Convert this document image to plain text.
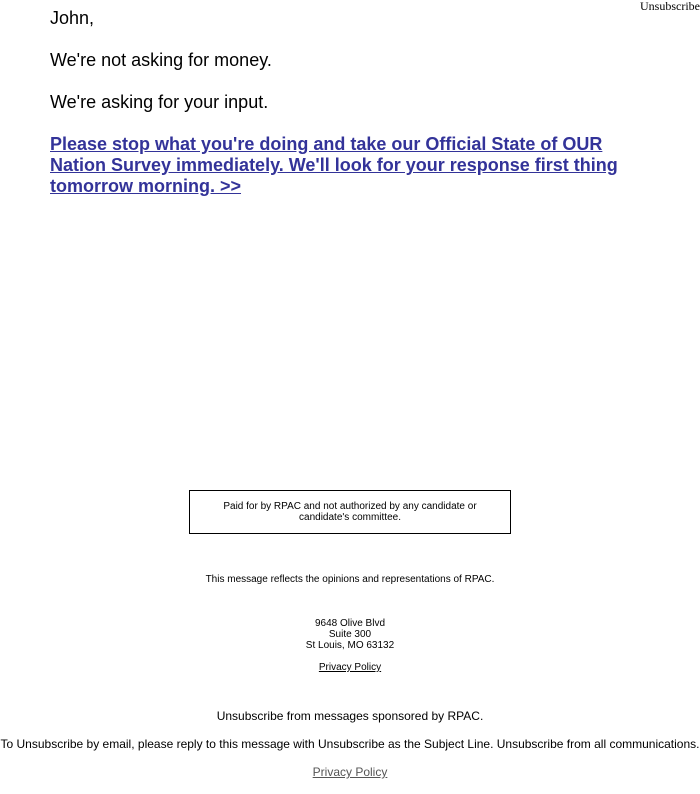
Unsubscribe

John,

We're not asking for money.

We're asking for your input.

Please stop what you're doing and take our Official State of OUR Nation Survey immediately. We'll look for your response first thing tomorrow morning. >>
Paid for by RPAC and not authorized by any candidate or candidate's committee.
This message reflects the opinions and representations of RPAC.
9648 Olive Blvd
Suite 300
St Louis, MO 63132
Privacy Policy
Unsubscribe from messages sponsored by RPAC.
To Unsubscribe by email, please reply to this message with Unsubscribe as the Subject Line. Unsubscribe from all communications.
Privacy Policy
